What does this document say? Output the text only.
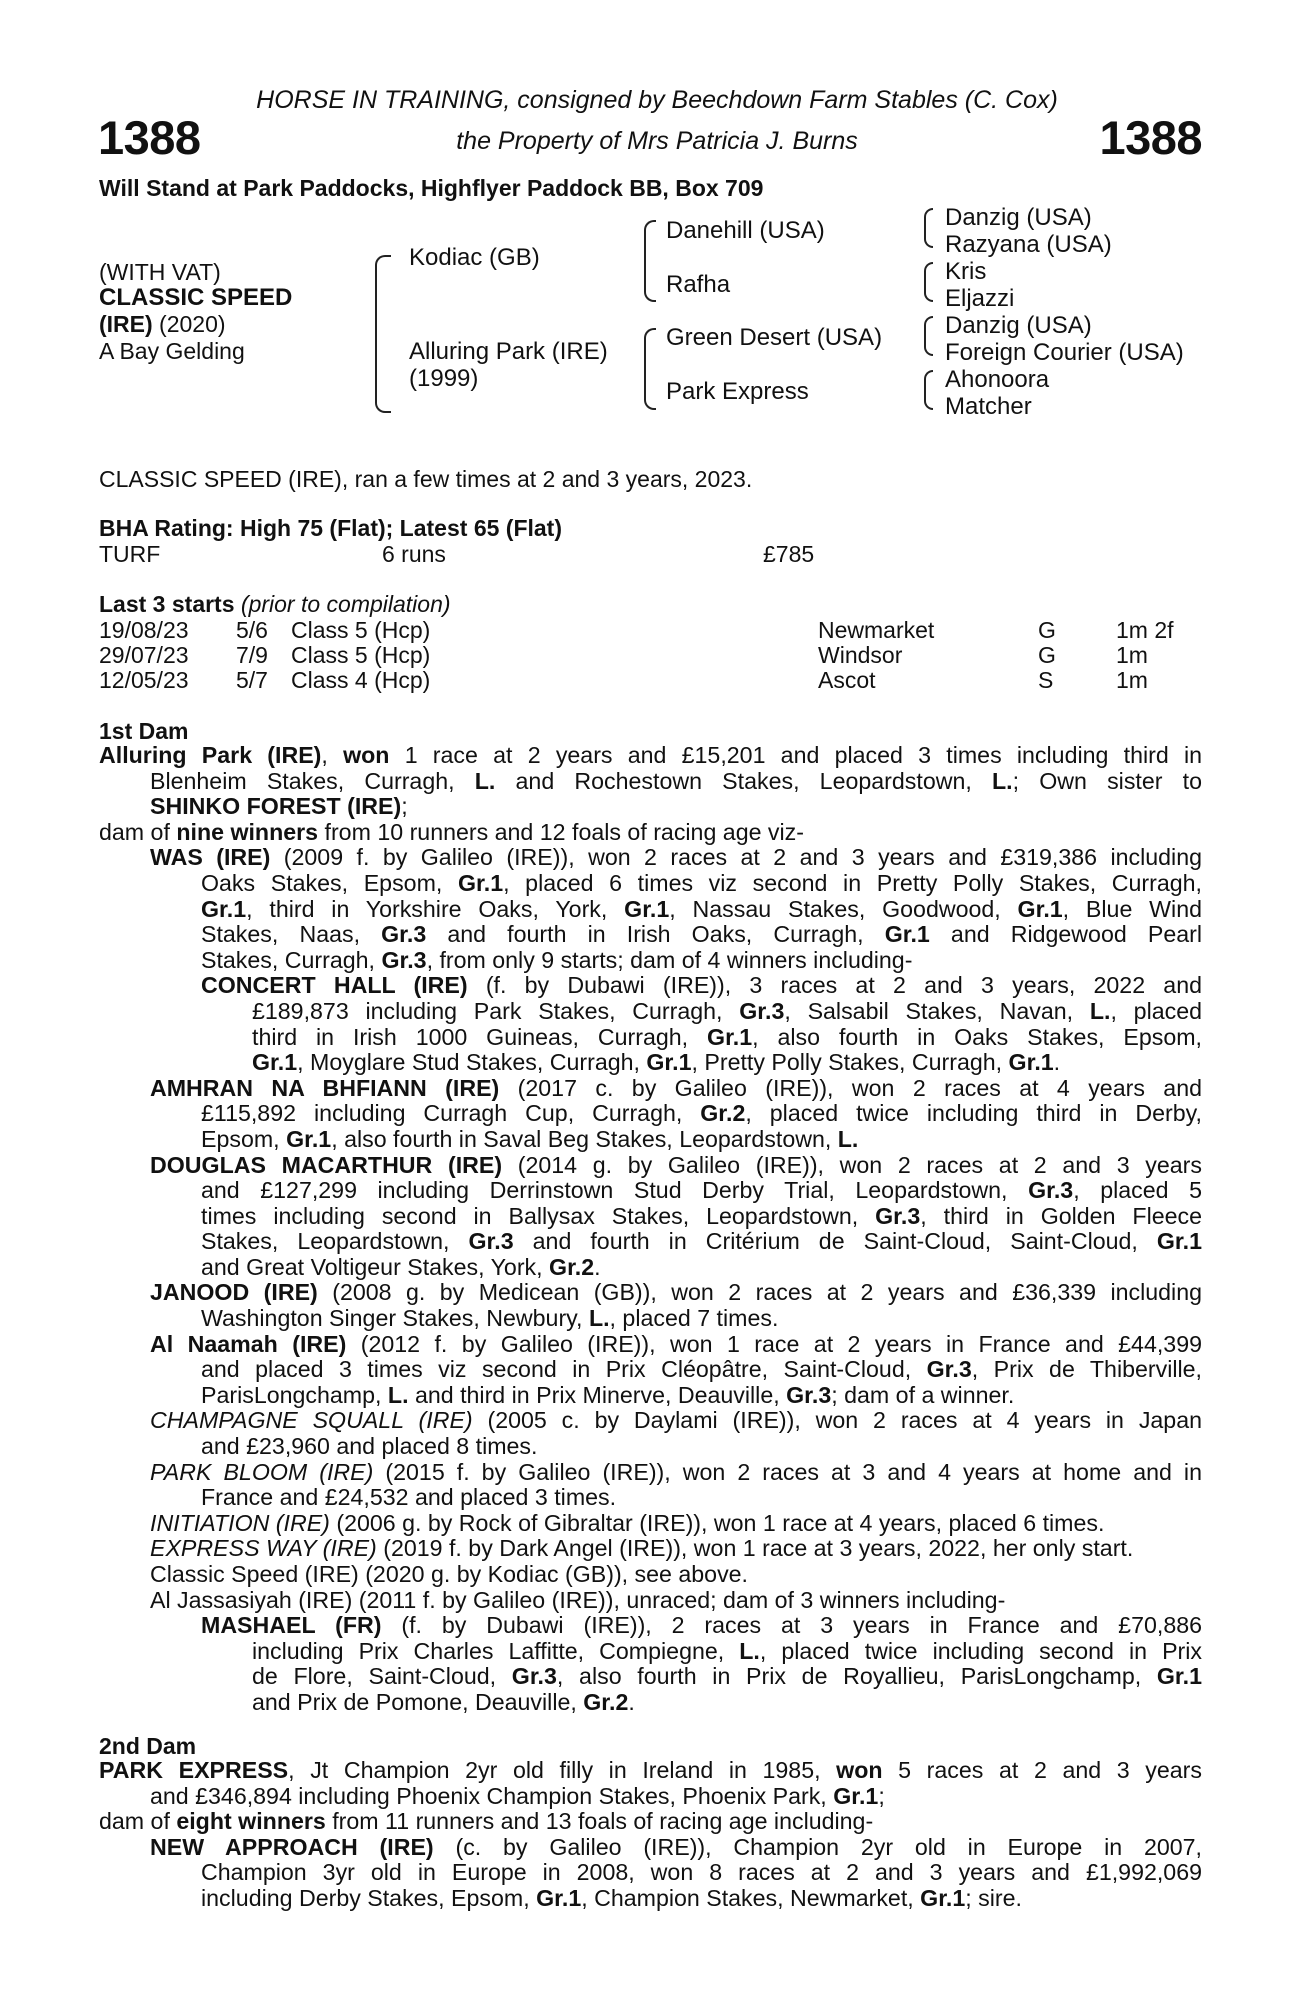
HORSE IN TRAINING, consigned by Beechdown Farm Stables (C. Cox)
the Property of Mrs Patricia J. Burns
1388	1388
Will Stand at Park Paddocks, Highflyer Paddock BB, Box 709
(WITH VAT)
CLASSIC SPEED
(IRE) (2020)
A Bay Gelding
Kodiac (GB)
Alluring Park (IRE)
(1999)
Danehill (USA)
Rafha
Green Desert (USA)
Park Express
Danzig (USA)
Razyana (USA)
Kris
Eljazzi
Danzig (USA)
Foreign Courier (USA)
Ahonoora
Matcher
CLASSIC SPEED (IRE), ran a few times at 2 and 3 years, 2023.
BHA Rating: High 75 (Flat); Latest 65 (Flat)
TURF	6 runs	£785
Last 3 starts (prior to compilation)
19/08/23 5/6 Class 5 (Hcp)	Newmarket	G	1m 2f
29/07/23 7/9 Class 5 (Hcp)	Windsor	G	1m
12/05/23 5/7 Class 4 (Hcp)	Ascot	S	1m
1st Dam

Alluring Park (IRE), won 1 race at 2 years and £15,201 and placed 3 times including third in

Blenheim Stakes, Curragh, L. and Rochestown Stakes, Leopardstown, L.; Own sister to

SHINKO FOREST (IRE);

dam of nine winners from 10 runners and 12 foals of racing age viz-

WAS (IRE) (2009 f. by Galileo (IRE)), won 2 races at 2 and 3 years and £319,386 including

Oaks Stakes, Epsom, Gr.1, placed 6 times viz second in Pretty Polly Stakes, Curragh,

Gr.1, third in Yorkshire Oaks, York, Gr.1, Nassau Stakes, Goodwood, Gr.1, Blue Wind

Stakes, Naas, Gr.3 and fourth in Irish Oaks, Curragh, Gr.1 and Ridgewood Pearl

Stakes, Curragh, Gr.3, from only 9 starts; dam of 4 winners including-

CONCERT HALL (IRE) (f. by Dubawi (IRE)), 3 races at 2 and 3 years, 2022 and

£189,873 including Park Stakes, Curragh, Gr.3, Salsabil Stakes, Navan, L., placed

third in Irish 1000 Guineas, Curragh, Gr.1, also fourth in Oaks Stakes, Epsom,

Gr.1, Moyglare Stud Stakes, Curragh, Gr.1, Pretty Polly Stakes, Curragh, Gr.1.

AMHRAN NA BHFIANN (IRE) (2017 c. by Galileo (IRE)), won 2 races at 4 years and

£115,892 including Curragh Cup, Curragh, Gr.2, placed twice including third in Derby,

Epsom, Gr.1, also fourth in Saval Beg Stakes, Leopardstown, L.

DOUGLAS MACARTHUR (IRE) (2014 g. by Galileo (IRE)), won 2 races at 2 and 3 years

and £127,299 including Derrinstown Stud Derby Trial, Leopardstown, Gr.3, placed 5

times including second in Ballysax Stakes, Leopardstown, Gr.3, third in Golden Fleece

Stakes, Leopardstown, Gr.3 and fourth in Critérium de Saint-Cloud, Saint-Cloud, Gr.1

and Great Voltigeur Stakes, York, Gr.2.

JANOOD (IRE) (2008 g. by Medicean (GB)), won 2 races at 2 years and £36,339 including

Washington Singer Stakes, Newbury, L., placed 7 times.

Al Naamah (IRE) (2012 f. by Galileo (IRE)), won 1 race at 2 years in France and £44,399

and placed 3 times viz second in Prix Cléopâtre, Saint-Cloud, Gr.3, Prix de Thiberville,

ParisLongchamp, L. and third in Prix Minerve, Deauville, Gr.3; dam of a winner.

CHAMPAGNE SQUALL (IRE) (2005 c. by Daylami (IRE)), won 2 races at 4 years in Japan

and £23,960 and placed 8 times.

PARK BLOOM (IRE) (2015 f. by Galileo (IRE)), won 2 races at 3 and 4 years at home and in

France and £24,532 and placed 3 times.

INITIATION (IRE) (2006 g. by Rock of Gibraltar (IRE)), won 1 race at 4 years, placed 6 times.

EXPRESS WAY (IRE) (2019 f. by Dark Angel (IRE)), won 1 race at 3 years, 2022, her only start.

Classic Speed (IRE) (2020 g. by Kodiac (GB)), see above.

Al Jassasiyah (IRE) (2011 f. by Galileo (IRE)), unraced; dam of 3 winners including-

MASHAEL (FR) (f. by Dubawi (IRE)), 2 races at 3 years in France and £70,886

including Prix Charles Laffitte, Compiegne, L., placed twice including second in Prix

de Flore, Saint-Cloud, Gr.3, also fourth in Prix de Royallieu, ParisLongchamp, Gr.1

and Prix de Pomone, Deauville, Gr.2.

2nd Dam

PARK EXPRESS, Jt Champion 2yr old filly in Ireland in 1985, won 5 races at 2 and 3 years

and £346,894 including Phoenix Champion Stakes, Phoenix Park, Gr.1;

dam of eight winners from 11 runners and 13 foals of racing age including-

NEW APPROACH (IRE) (c. by Galileo (IRE)), Champion 2yr old in Europe in 2007,

Champion 3yr old in Europe in 2008, won 8 races at 2 and 3 years and £1,992,069

including Derby Stakes, Epsom, Gr.1, Champion Stakes, Newmarket, Gr.1; sire.
